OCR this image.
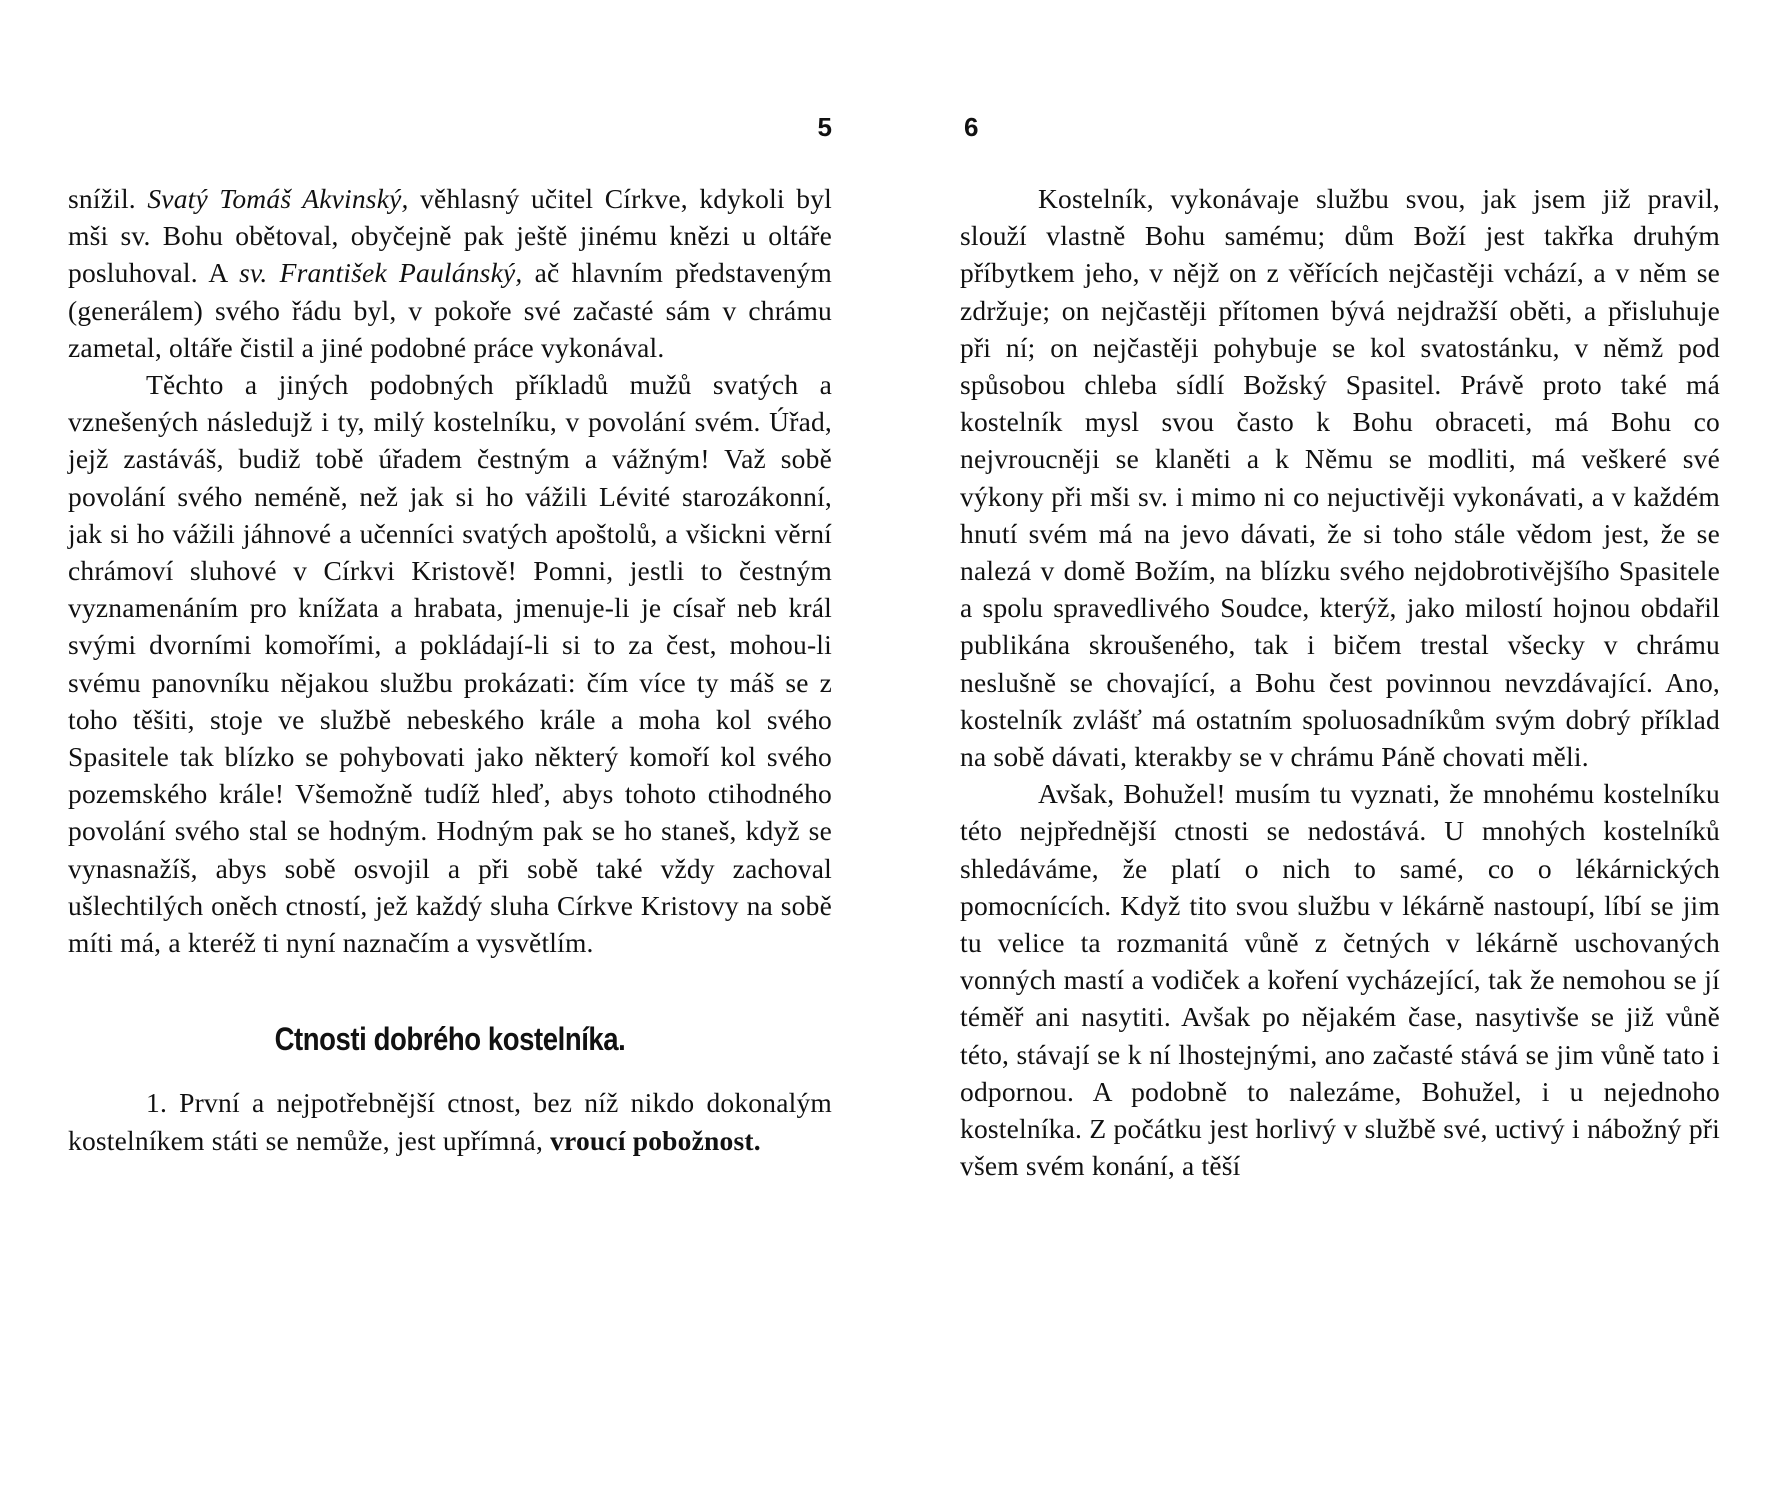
5

snížil. Svatý Tomáš Akvinský, věhlasný učitel Církve, kdykoli byl mši sv. Bohu obětoval, obyčejně pak ještě jinému knězi u oltáře posluhoval. A sv. František Paulánský, ač hlavním představeným (generálem) svého řádu byl, v pokoře své začasté sám v chrámu zametal, oltáře čistil a jiné podobné práce vykonával.

Těchto a jiných podobných příkladů mužů svatých a vznešených následujž i ty, milý kostelníku, v povolání svém. Úřad, jejž zastáváš, budiž tobě úřadem čestným a vážným! Važ sobě povolání svého neméně, než jak si ho vážili Lévité starozákonní, jak si ho vážili jáhnové a učenníci svatých apoštolů, a všickni věrní chrámoví sluhové v Církvi Kristově! Pomni, jestli to čestným vyznamenáním pro knížata a hrabata, jmenuje-li je císař neb král svými dvorními komořími, a pokládají-li si to za čest, mohou-li svému panovníku nějakou službu prokázati: čím více ty máš se z toho těšiti, stoje ve službě nebeského krále a moha kol svého Spasitele tak blízko se pohybovati jako některý komoří kol svého pozemského krále! Všemožně tudíž hleď, abys tohoto ctihodného povolání svého stal se hodným. Hodným pak se ho staneš, když se vynasnažíš, abys sobě osvojil a při sobě také vždy zachoval ušlechtilých oněch ctností, jež každý sluha Církve Kristovy na sobě míti má, a kteréž ti nyní naznačím a vysvětlím.

Ctnosti dobrého kostelníka.

1. První a nejpotřebnější ctnost, bez níž nikdo dokonalým kostelníkem státi se nemůže, jest upřímná, vroucí pobožnost.

6

Kostelník, vykonávaje službu svou, jak jsem již pravil, slouží vlastně Bohu samému; dům Boží jest takřka druhým příbytkem jeho, v nějž on z věřících nejčastěji vchází, a v něm se zdržuje; on nejčastěji přítomen bývá nejdražší oběti, a přisluhuje při ní; on nejčastěji pohybuje se kol svatostánku, v němž pod spůsobou chleba sídlí Božský Spasitel. Právě proto také má kostelník mysl svou často k Bohu obraceti, má Bohu co nejvroucněji se klaněti a k Němu se modliti, má veškeré své výkony při mši sv. i mimo ni co nejuctivěji vykonávati, a v každém hnutí svém má na jevo dávati, že si toho stále vědom jest, že se nalezá v domě Božím, na blízku svého nejdobrotivějšího Spasitele a spolu spravedlivého Soudce, kterýž, jako milostí hojnou obdařil publikána skroušeného, tak i bičem trestal všecky v chrámu neslušně se chovající, a Bohu čest povinnou nevzdávající. Ano, kostelník zvlášť má ostatním spoluosadníkům svým dobrý příklad na sobě dávati, kterakby se v chrámu Páně chovati měli.

Avšak, Bohužel! musím tu vyznati, že mnohému kostelníku této nejpřednější ctnosti se nedostává. U mnohých kostelníků shledáváme, že platí o nich to samé, co o lékárnických pomocnících. Když tito svou službu v lékárně nastoupí, líbí se jim tu velice ta rozmanitá vůně z četných v lékárně uschovaných vonných mastí a vodiček a koření vycházející, tak že nemohou se jí téměř ani nasytiti. Avšak po nějakém čase, nasytivše se již vůně této, stávají se k ní lhostejnými, ano začasté stává se jim vůně tato i odpornou. A podobně to nalezáme, Bohužel, i u nejednoho kostelníka. Z počátku jest horlivý v službě své, uctivý i nábožný při všem svém konání, a těší
